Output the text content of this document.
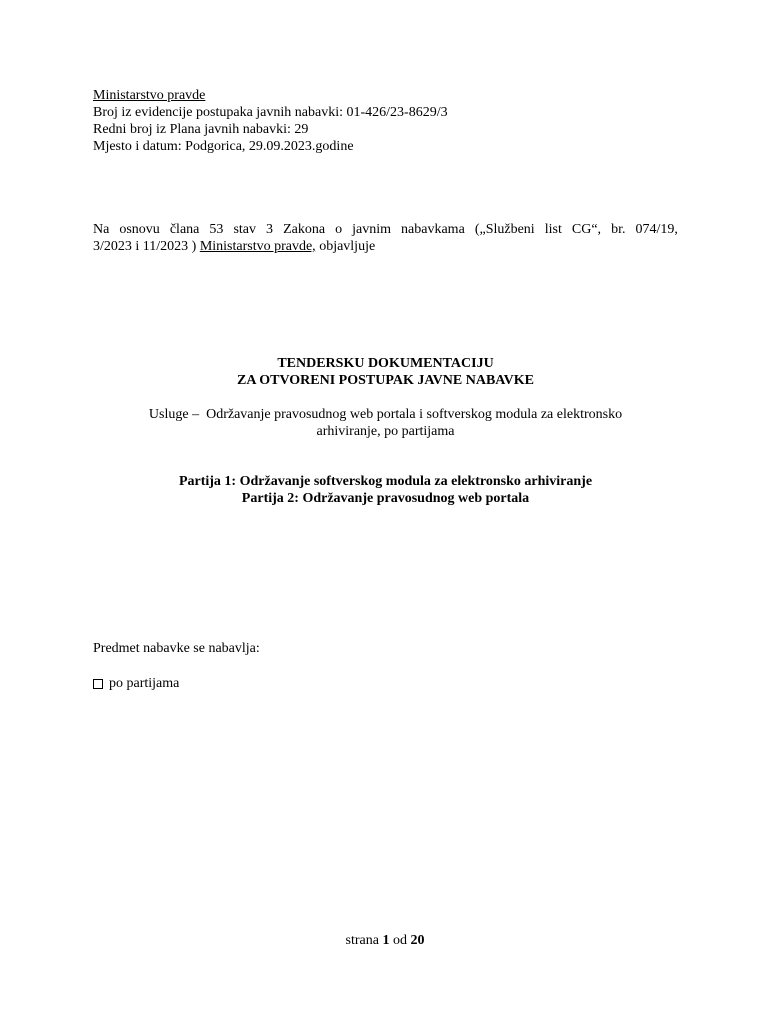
Ministarstvo pravde
Broj iz evidencije postupaka javnih nabavki: 01-426/23-8629/3
Redni broj iz Plana javnih nabavki: 29
Mjesto i datum: Podgorica, 29.09.2023.godine
Na osnovu člana 53 stav 3 Zakona o javnim nabavkama („Službeni list CG“, br. 074/19,
3/2023 i 11/2023 ) Ministarstvo pravde, objavljuje
TENDERSKU DOKUMENTACIJU
ZA OTVORENI POSTUPAK JAVNE NABAVKE
Usluge –  Održavanje pravosudnog web portala i softverskog modula za elektronsko
arhiviranje, po partijama
Partija 1: Održavanje softverskog modula za elektronsko arhiviranje
Partija 2: Održavanje pravosudnog web portala
Predmet nabavke se nabavlja:
po partijama
strana 1 od 20
